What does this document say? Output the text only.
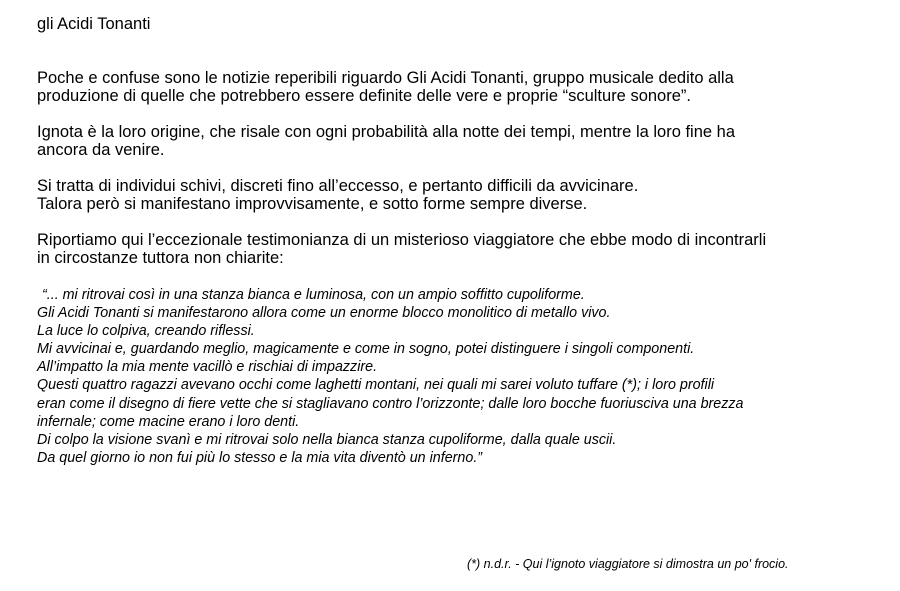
gli Acidi Tonanti

Poche e confuse sono le notizie reperibili riguardo Gli Acidi Tonanti, gruppo musicale dedito alla
produzione di quelle che potrebbero essere definite delle vere e proprie “sculture sonore”.

Ignota è la loro origine, che risale con ogni probabilità alla notte dei tempi, mentre la loro fine ha
ancora da venire.

Si tratta di individui schivi, discreti fino all’eccesso, e pertanto difficili da avvicinare.
Talora però si manifestano improvvisamente, e sotto forme sempre diverse.

Riportiamo qui l’eccezionale testimonianza di un misterioso viaggiatore che ebbe modo di incontrarli
in circostanze tuttora non chiarite:

“... mi ritrovai così in una stanza bianca e luminosa, con un ampio soffitto cupoliforme.
Gli Acidi Tonanti si manifestarono allora come un enorme blocco monolitico di metallo vivo.
La luce lo colpiva, creando riflessi.
Mi avvicinai e, guardando meglio, magicamente e come in sogno, potei distinguere i singoli componenti.
All’impatto la mia mente vacillò e rischiai di impazzire.
Questi quattro ragazzi avevano occhi come laghetti montani, nei quali mi sarei voluto tuffare (*); i loro profili
eran come il disegno di fiere vette che si stagliavano contro l’orizzonte; dalle loro bocche fuoriusciva una brezza
infernale; come macine erano i loro denti.
Di colpo la visione svanì e mi ritrovai solo nella bianca stanza cupoliforme, dalla quale uscii.
Da quel giorno io non fui più lo stesso e la mia vita diventò un inferno.”
(*) n.d.r. - Qui l’ignoto viaggiatore si dimostra un po' frocio.
